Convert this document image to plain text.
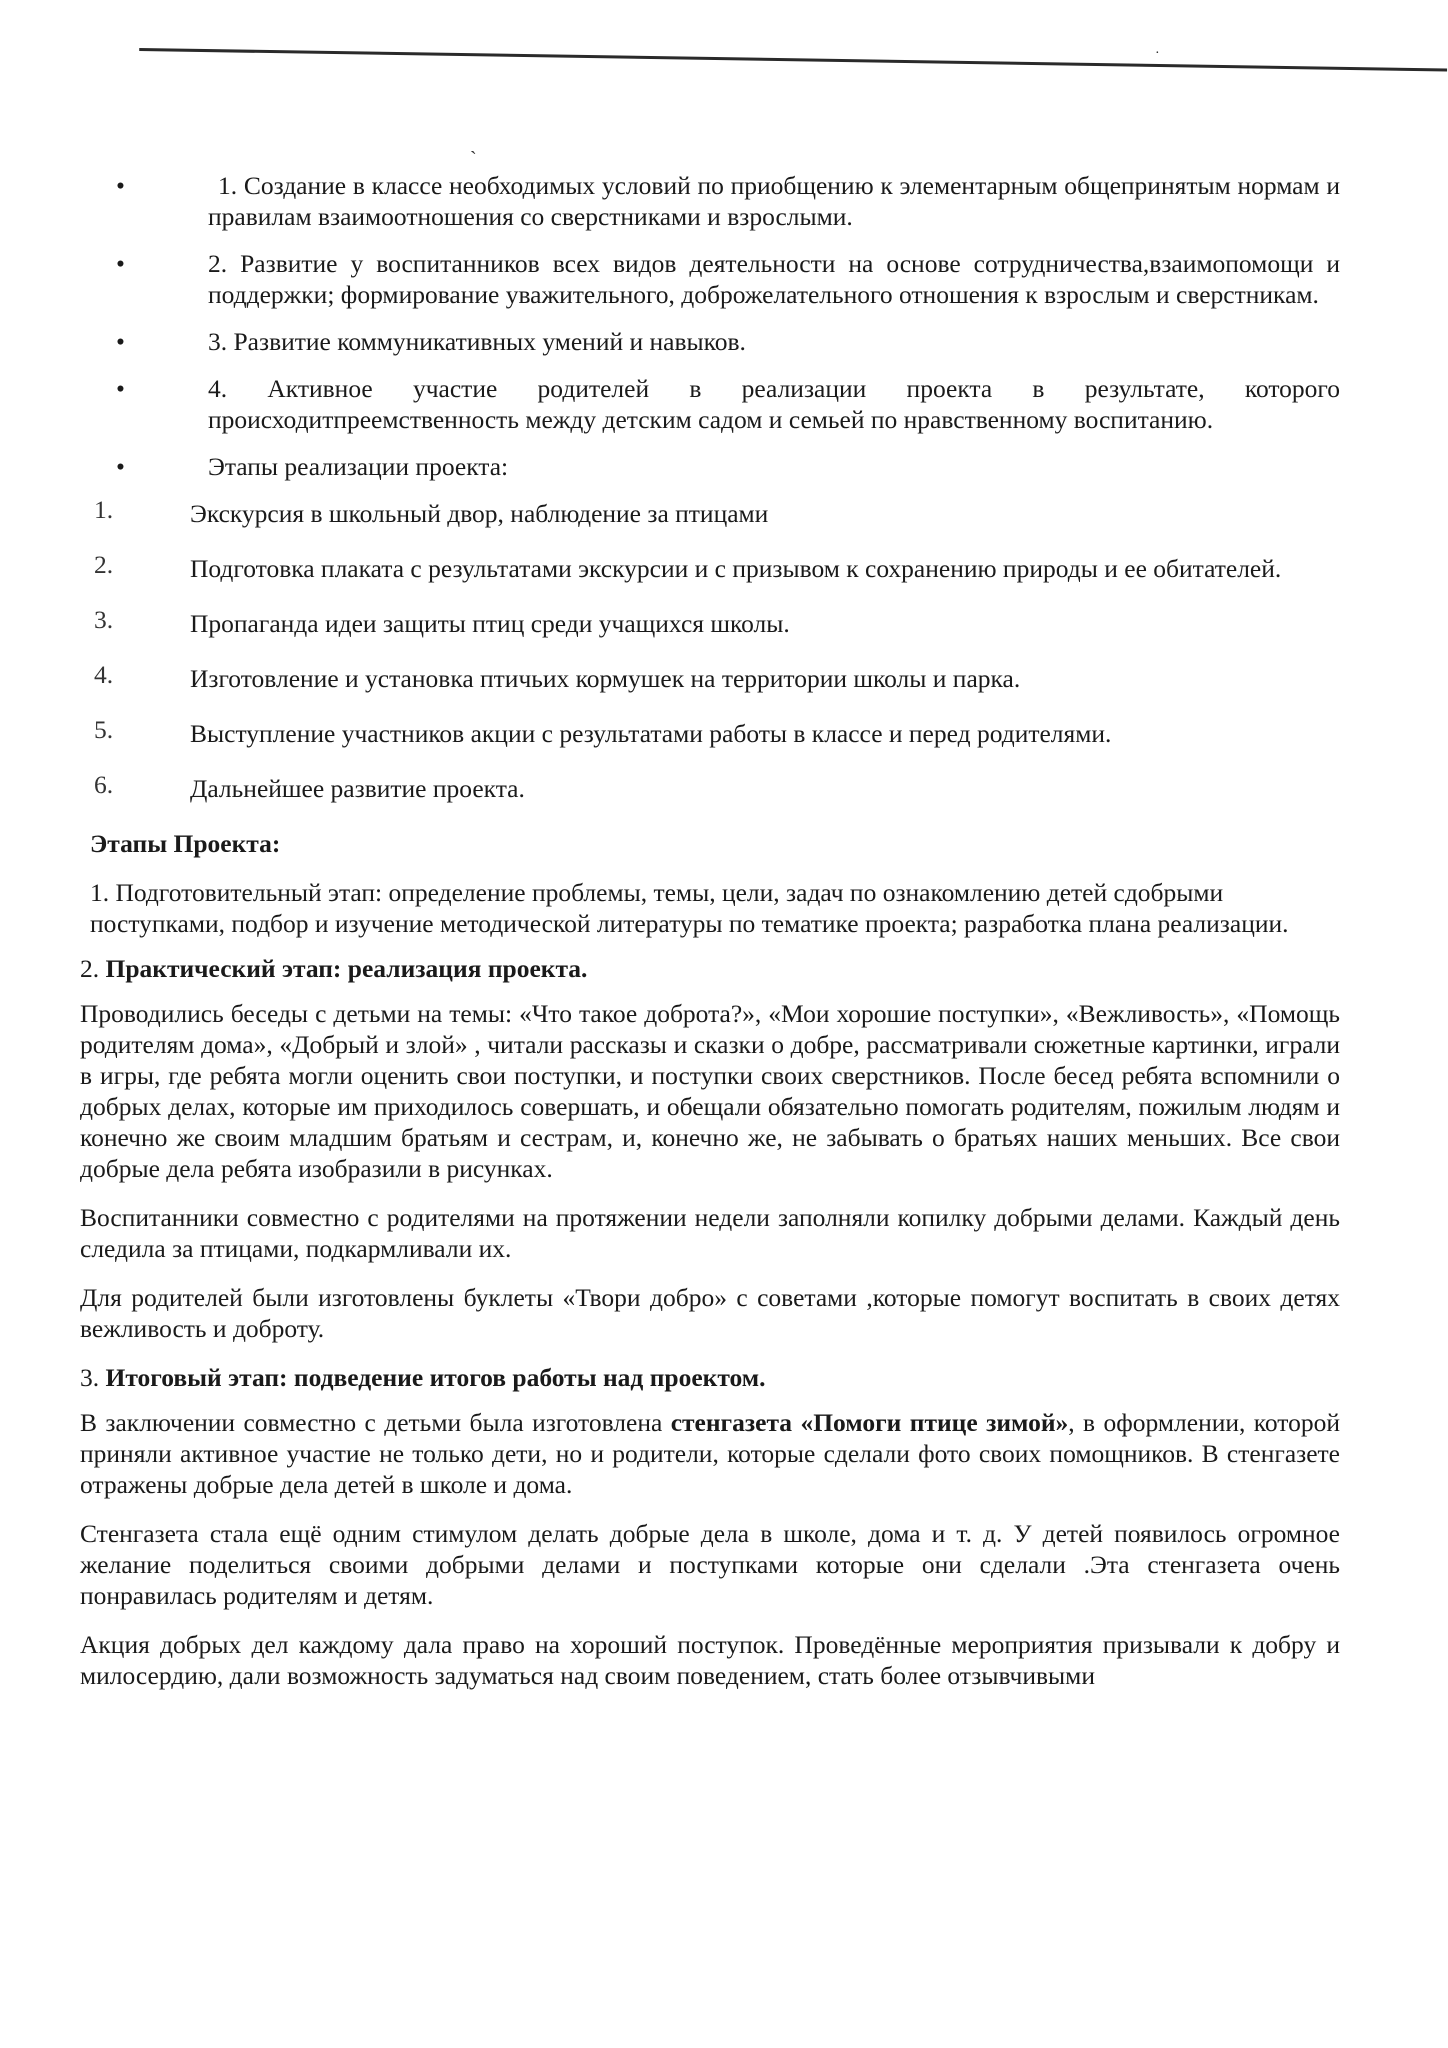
·
`
•	1. Создание в классе необходимых условий по приобщению к элементарным общепринятым нормам и правилам взаимоотношения со сверстниками и взрослыми.
•	2. Развитие у воспитанников всех видов деятельности на основе сотрудничества,взаимопомощи и поддержки; формирование уважительного, доброжелательного отношения к взрослым и сверстникам.
•	3. Развитие коммуникативных умений и навыков.
•	4. Активное участие родителей в реализации проекта в результате, которого происходитпреемственность между детским садом и семьей по нравственному воспитанию.
•	Этапы реализации проекта:
1.	Экскурсия в школьный двор, наблюдение за птицами
2.	Подготовка плаката с результатами экскурсии и с призывом к сохранению природы и ее обитателей.
3.	Пропаганда идеи защиты птиц среди учащихся школы.
4.	Изготовление и установка птичьих кормушек на территории школы и парка.
5.	Выступление участников акции с результатами работы в классе и перед родителями.
6.	Дальнейшее развитие проекта.
Этапы Проекта:
1. Подготовительный этап: определение проблемы, темы, цели, задач по ознакомлению детей сдобрыми поступками, подбор и изучение методической литературы по тематике проекта; разработка плана реализации.
2. Практический этап: реализация проекта.

Проводились беседы с детьми на темы: «Что такое доброта?», «Мои хорошие поступки», «Вежливость», «Помощь родителям дома», «Добрый и злой» , читали рассказы и сказки о добре, рассматривали сюжетные картинки, играли в игры, где ребята могли оценить свои поступки, и поступки своих сверстников. После бесед ребята вспомнили о добрых делах, которые им приходилось совершать, и обещали обязательно помогать родителям, пожилым людям и конечно же своим младшим братьям и сестрам, и, конечно же, не забывать о братьях наших меньших. Все свои добрые дела ребята изобразили в рисунках.

Воспитанники совместно с родителями на протяжении недели заполняли копилку добрыми делами. Каждый день следила за птицами, подкармливали их.

Для родителей были изготовлены буклеты «Твори добро» с советами ,которые помогут воспитать в своих детях вежливость и доброту.

3. Итоговый этап: подведение итогов работы над проектом.

В заключении совместно с детьми была изготовлена стенгазета «Помоги птице зимой», в оформлении, которой приняли активное участие не только дети, но и родители, которые сделали фото своих помощников. В стенгазете отражены добрые дела детей в школе и дома.

Стенгазета стала ещё одним стимулом делать добрые дела в школе, дома и т. д. У детей появилось огромное желание поделиться своими добрыми делами и поступками которые они сделали .Эта стенгазета очень понравилась родителям и детям.

Акция добрых дел каждому дала право на хороший поступок. Проведённые мероприятия призывали к добру и милосердию, дали возможность задуматься над своим поведением, стать более отзывчивыми
